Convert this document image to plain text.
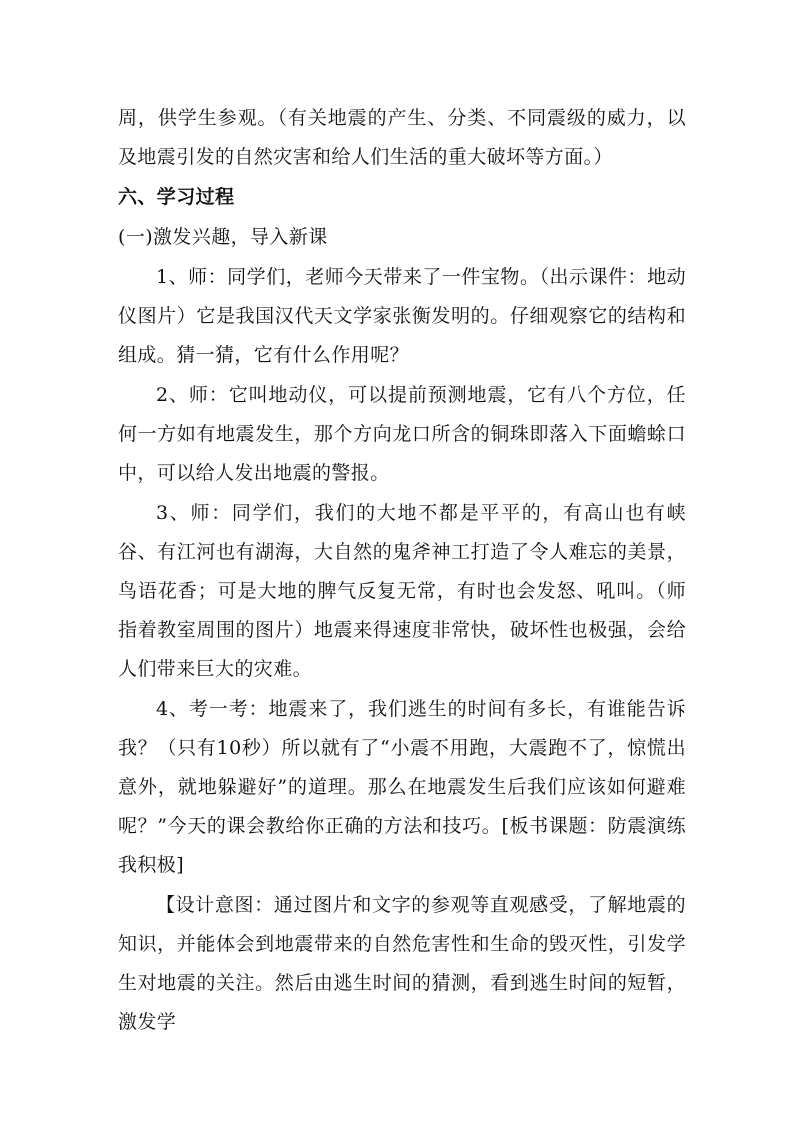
周，供学生参观。（有关地震的产生、分类、不同震级的威力，以及地震引发的自然灾害和给人们生活的重大破坏等方面。）

六、学习过程

(一)激发兴趣，导入新课

1、师：同学们，老师今天带来了一件宝物。（出示课件：地动仪图片）它是我国汉代天文学家张衡发明的。仔细观察它的结构和组成。猜一猜，它有什么作用呢？

2、师：它叫地动仪，可以提前预测地震，它有八个方位，任何一方如有地震发生，那个方向龙口所含的铜珠即落入下面蟾蜍口中，可以给人发出地震的警报。

3、师：同学们，我们的大地不都是平平的，有高山也有峡谷、有江河也有湖海，大自然的鬼斧神工打造了令人难忘的美景，鸟语花香；可是大地的脾气反复无常，有时也会发怒、吼叫。（师指着教室周围的图片）地震来得速度非常快，破坏性也极强，会给人们带来巨大的灾难。

4、考一考：地震来了，我们逃生的时间有多长，有谁能告诉我？（只有10秒）所以就有了“小震不用跑，大震跑不了，惊慌出意外，就地躲避好”的道理。那么在地震发生后我们应该如何避难呢？”今天的课会教给你正确的方法和技巧。[板书课题：防震演练我积极]

【设计意图：通过图片和文字的参观等直观感受，了解地震的知识，并能体会到地震带来的自然危害性和生命的毁灭性，引发学生对地震的关注。然后由逃生时间的猜测，看到逃生时间的短暂，激发学
